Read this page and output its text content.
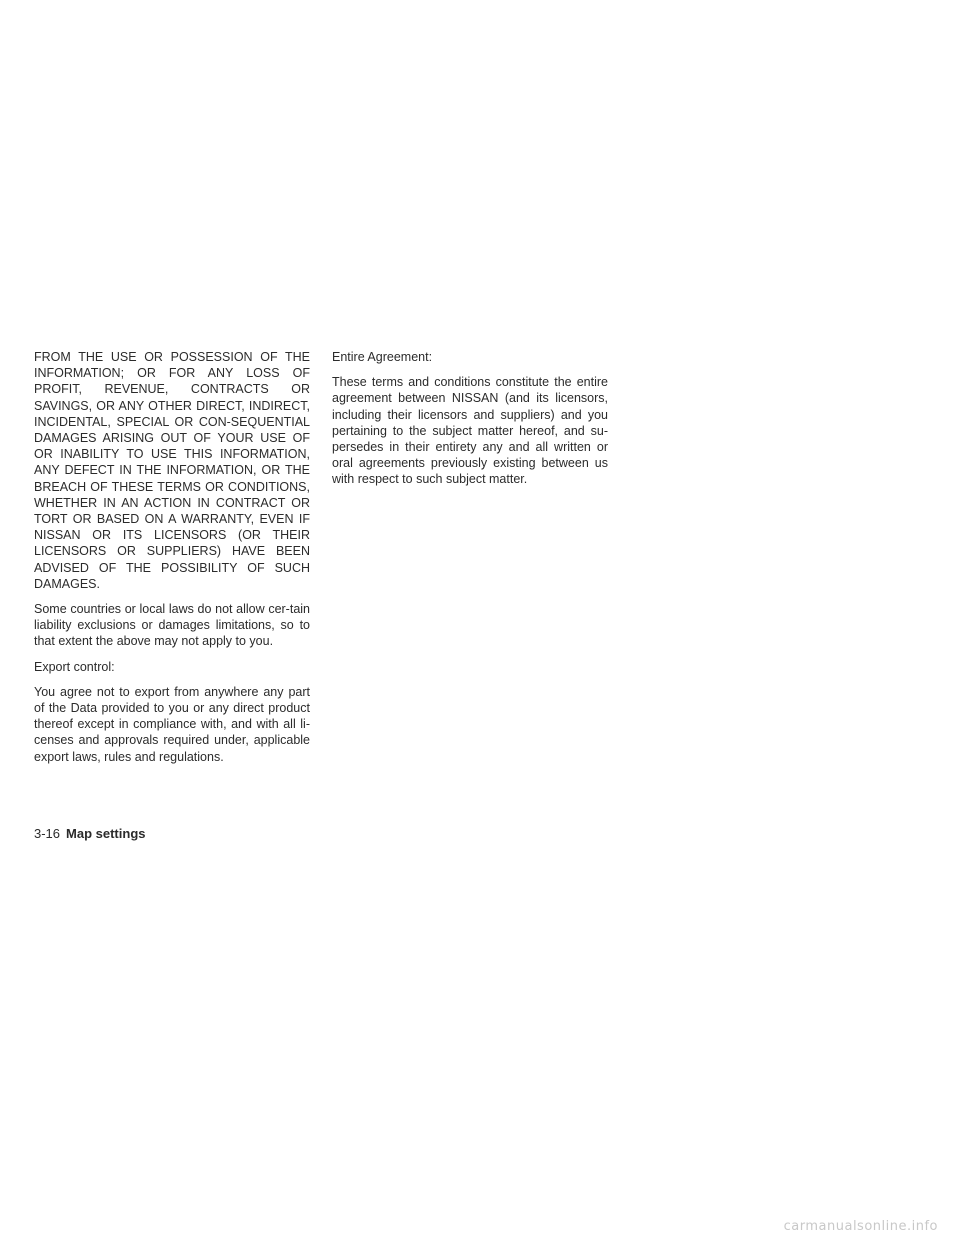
FROM THE USE OR POSSESSION OF THE INFORMATION; OR FOR ANY LOSS OF PROFIT, REVENUE, CONTRACTS OR SAVINGS, OR ANY OTHER DIRECT, INDIRECT, INCIDENTAL, SPECIAL OR CON-SEQUENTIAL DAMAGES ARISING OUT OF YOUR USE OF OR INABILITY TO USE THIS INFORMATION, ANY DEFECT IN THE INFORMATION, OR THE BREACH OF THESE TERMS OR CONDITIONS, WHETHER IN AN ACTION IN CONTRACT OR TORT OR BASED ON A WARRANTY, EVEN IF NISSAN OR ITS LICENSORS (OR THEIR LICENSORS OR SUPPLIERS) HAVE BEEN ADVISED OF THE POSSIBILITY OF SUCH DAMAGES.

Some countries or local laws do not allow cer-tain liability exclusions or damages limitations, so to that extent the above may not apply to you.

Export control:

You agree not to export from anywhere any part of the Data provided to you or any direct product thereof except in compliance with, and with all li-censes and approvals required under, applicable export laws, rules and regulations.

Entire Agreement:

These terms and conditions constitute the entire agreement between NISSAN (and its licensors, including their licensors and suppliers) and you pertaining to the subject matter hereof, and su-persedes in their entirety any and all written or oral agreements previously existing between us with respect to such subject matter.

3-16 Map settings
carmanualsonline.info
